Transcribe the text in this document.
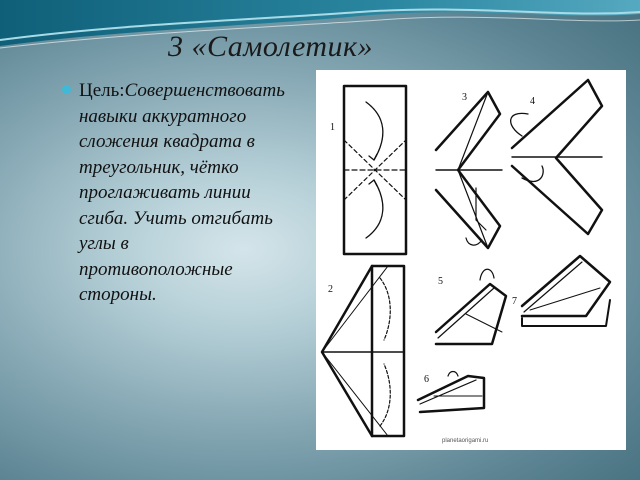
3 «Самолетик»
Цель: Совершенствовать
навыки аккуратного
сложения квадрата в
треугольник, чётко
проглаживать линии
сгиба. Учить отгибать
углы в
противоположные
стороны.
1
2
3	4
5
6
7
planetaorigami.ru
